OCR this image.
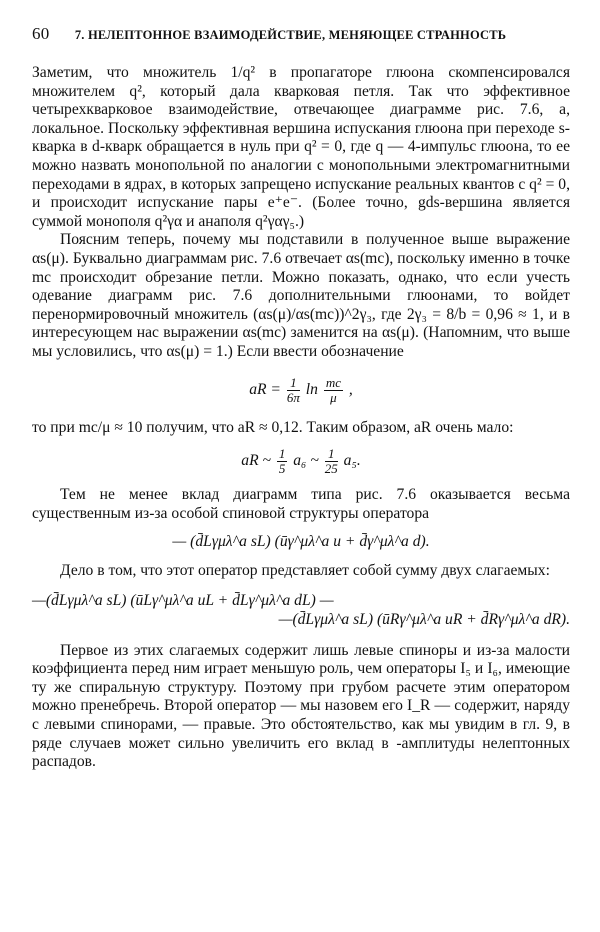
60 7. НЕЛЕПТОННОЕ ВЗАИМОДЕЙСТВИЕ, МЕНЯЮЩЕЕ СТРАННОСТЬ

Заметим, что множитель 1/q² в пропагаторе глюона скомпенсировался множителем q², который дала кварковая петля. Так что эффективное четырехкварковое взаимодействие, отвечающее диаграмме рис. 7.6, а, локальное. Поскольку эффективная вершина испускания глюона при переходе s-кварка в d-кварк обращается в нуль при q² = 0, где q — 4-импульс глюона, то ее можно назвать монопольной по аналогии с монопольными электромагнитными переходами в ядрах, в которых запрещено испускание реальных квантов с q² = 0, и происходит испускание пары e⁺e⁻. (Более точно, gds-вершина является суммой монополя q²γα и анаполя q²γαγ₅.)

Поясним теперь, почему мы подставили в полученное выше выражение αs(μ). Буквально диаграммам рис. 7.6 отвечает αs(mc), поскольку именно в точке mc происходит обрезание петли. Можно показать, однако, что если учесть одевание диаграмм рис. 7.6 дополнительными глюонами, то войдет перенормировочный множитель (αs(μ)/αs(mc))^2γ₃, где 2γ₃ = 8/b = 0,96 ≈ 1, и в интересующем нас выражении αs(mc) заменится на αs(μ). (Напомним, что выше мы условились, что αs(μ) = 1.) Если ввести обозначение

aR = $\frac{1}{6\pi}$ $\ln \frac{mc}{\mu}$ ,

то при mc/μ ≈ 10 получим, что aR ≈ 0,12. Таким образом, aR очень мало:

aR ~ $\frac{1}{5} a_6$ ~ $\frac{1}{25} a_5$.

Тем не менее вклад диаграмм типа рис. 7.6 оказывается весьма существенным из-за особой спиновой структуры оператора

— (d̄Lγμλ^a sL) (ūγ^μλ^a u + d̄γ^μλ^a d).

Дело в том, что этот оператор представляет собой сумму двух слагаемых:

—(d̄Lγμλ^a sL) (ūLγ^μλ^a uL + d̄Lγ^μλ^a dL) —
—(d̄Lγμλ^a sL) (ūRγ^μλ^a uR + d̄Rγ^μλ^a dR).

Первое из этих слагаемых содержит лишь левые спиноры и из-за малости коэффициента перед ним играет меньшую роль, чем операторы I₅ и I₆, имеющие ту же спиральную структуру. Поэтому при грубом расчете этим оператором можно пренебречь. Второй оператор — мы назовем его I_R — содержит, наряду с левыми спинорами, — правые. Это обстоятельство, как мы увидим в гл. 9, в ряде случаев может сильно увеличить его вклад в -амплитуды нелептонных распадов.
